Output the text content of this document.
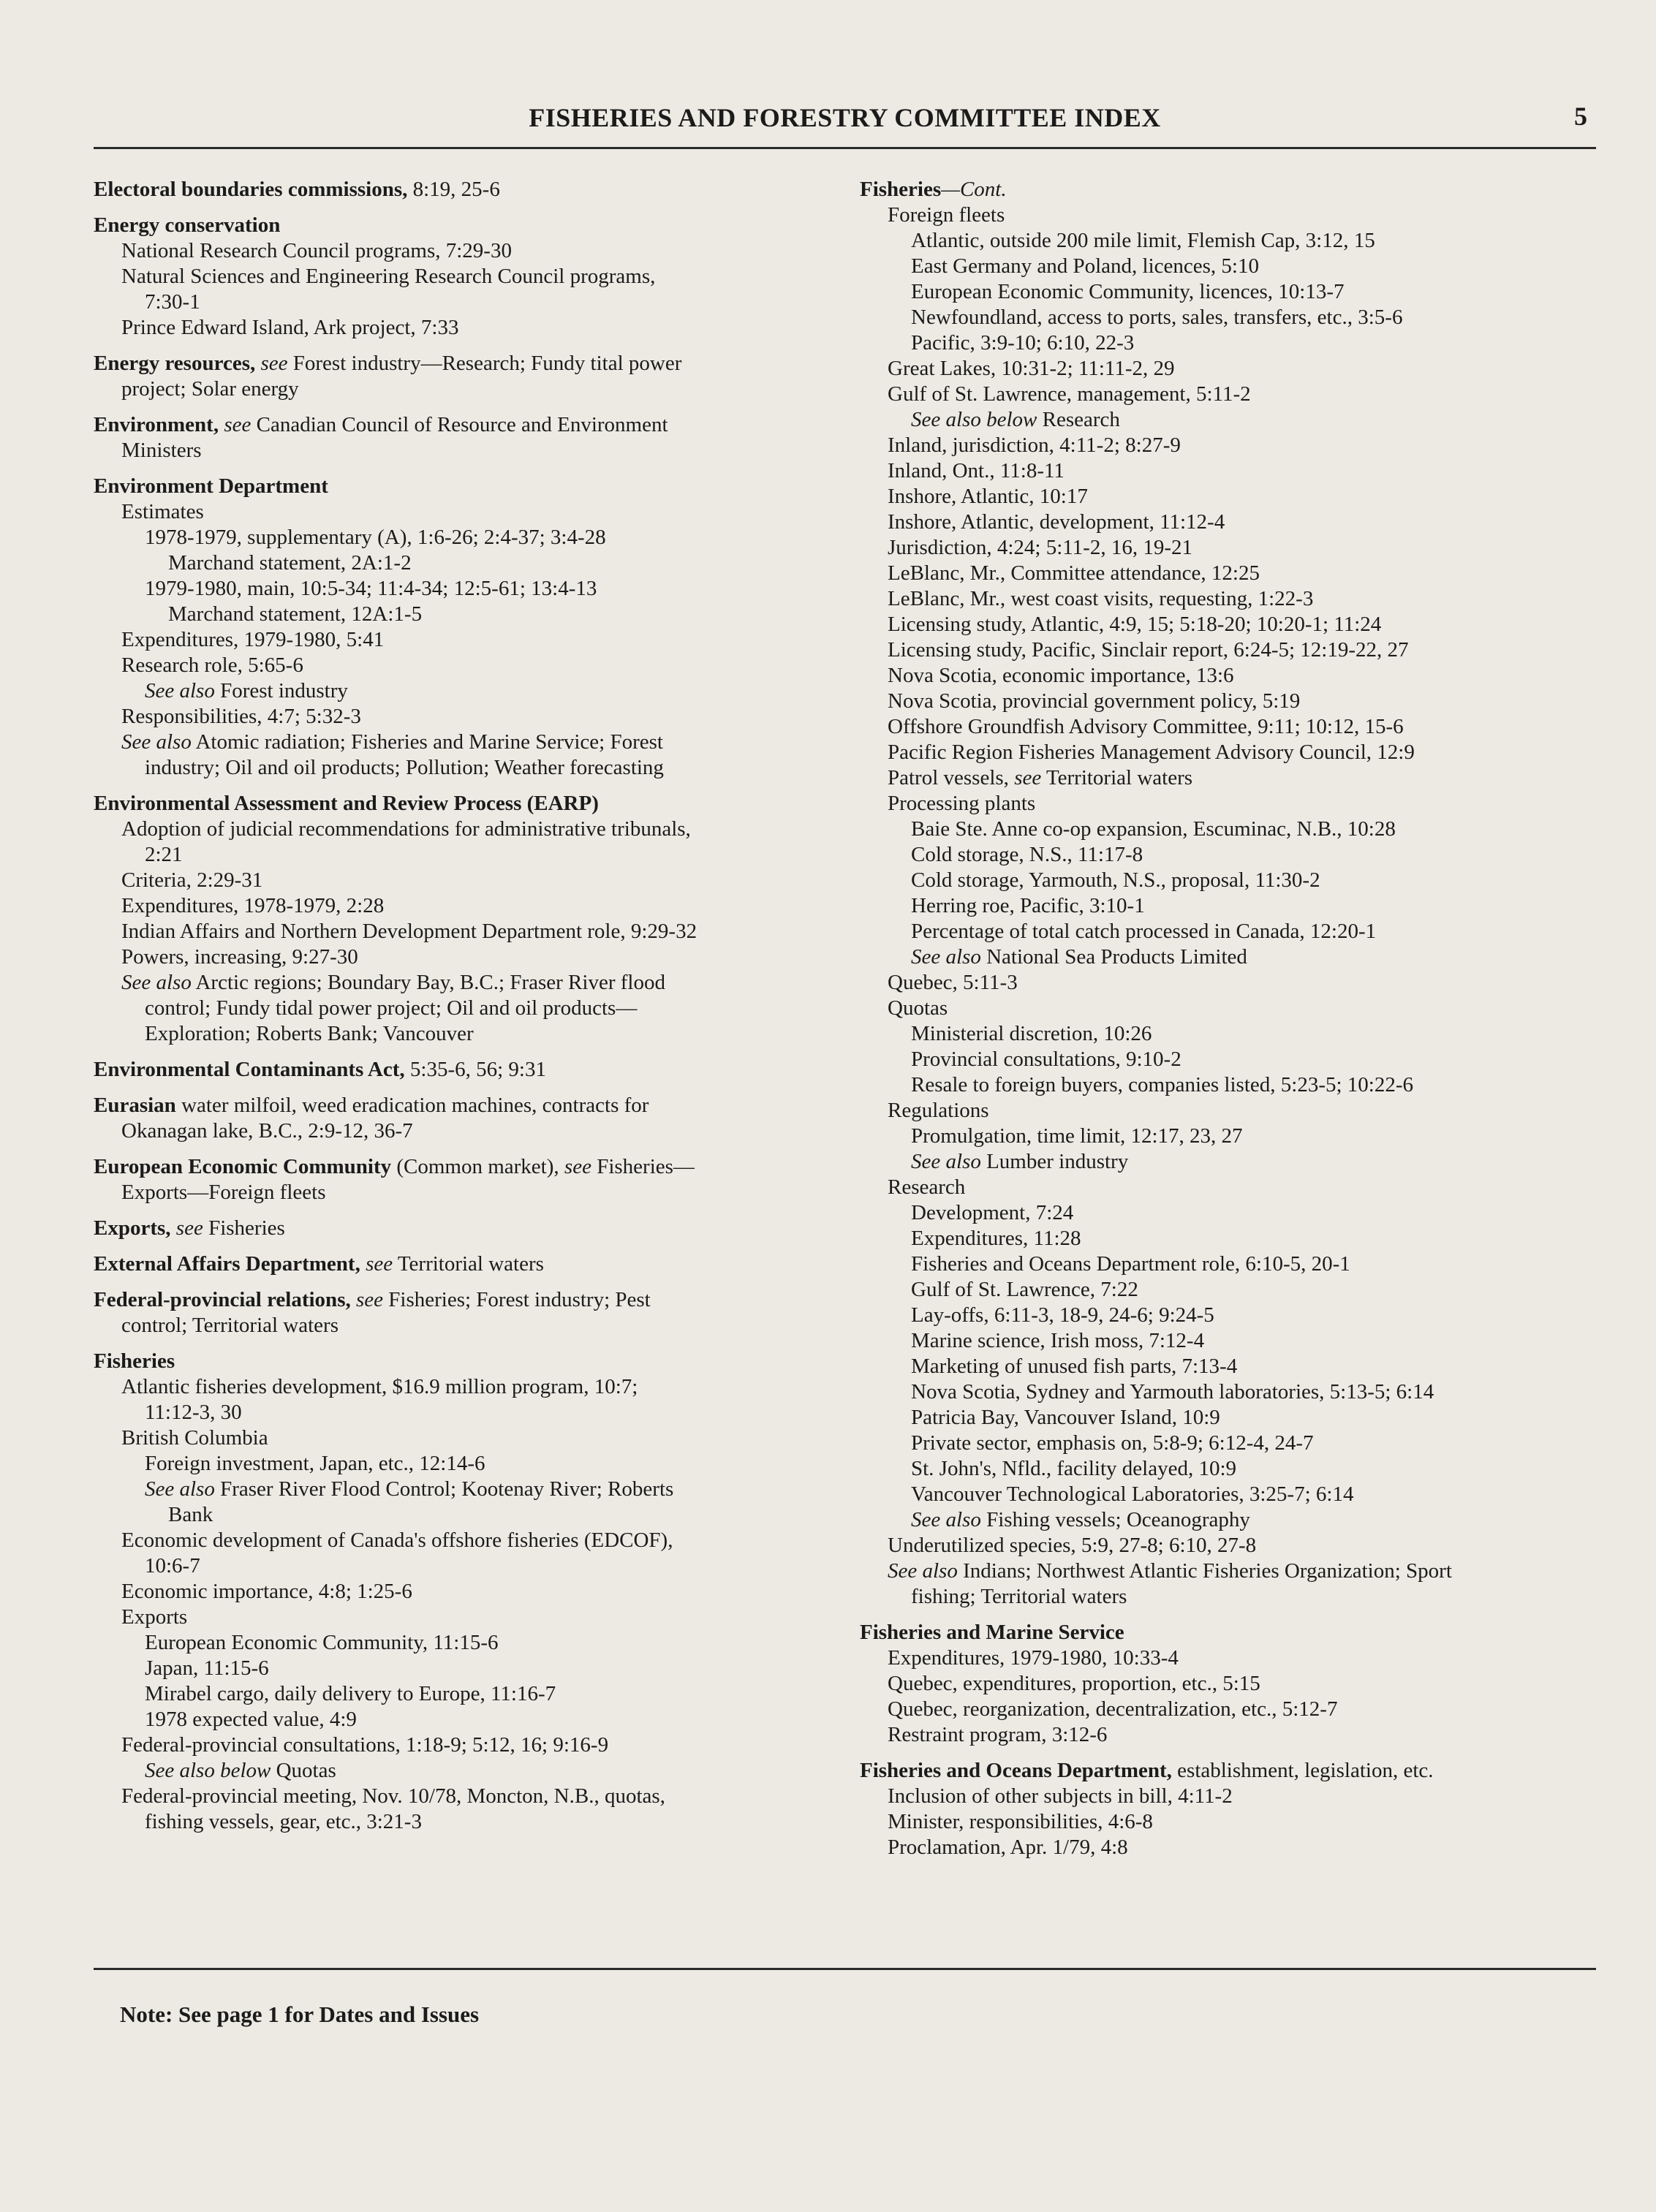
FISHERIES AND FORESTRY COMMITTEE INDEX	5
Electoral boundaries commissions, 8:19, 25-6
Energy conservation
National Research Council programs, 7:29-30
Natural Sciences and Engineering Research Council programs,
7:30-1
Prince Edward Island, Ark project, 7:33
Energy resources, see Forest industry—Research; Fundy tital power
project; Solar energy
Environment, see Canadian Council of Resource and Environment
Ministers
Environment Department
Estimates
1978-1979, supplementary (A), 1:6-26; 2:4-37; 3:4-28
Marchand statement, 2A:1-2
1979-1980, main, 10:5-34; 11:4-34; 12:5-61; 13:4-13
Marchand statement, 12A:1-5
Expenditures, 1979-1980, 5:41
Research role, 5:65-6
See also Forest industry
Responsibilities, 4:7; 5:32-3
See also Atomic radiation; Fisheries and Marine Service; Forest
industry; Oil and oil products; Pollution; Weather forecasting
Environmental Assessment and Review Process (EARP)
Adoption of judicial recommendations for administrative tribunals,
2:21
Criteria, 2:29-31
Expenditures, 1978-1979, 2:28
Indian Affairs and Northern Development Department role, 9:29-32
Powers, increasing, 9:27-30
See also Arctic regions; Boundary Bay, B.C.; Fraser River flood
control; Fundy tidal power project; Oil and oil products—
Exploration; Roberts Bank; Vancouver
Environmental Contaminants Act, 5:35-6, 56; 9:31
Eurasian water milfoil, weed eradication machines, contracts for
Okanagan lake, B.C., 2:9-12, 36-7
European Economic Community (Common market), see Fisheries—
Exports—Foreign fleets
Exports, see Fisheries
External Affairs Department, see Territorial waters
Federal-provincial relations, see Fisheries; Forest industry; Pest
control; Territorial waters
Fisheries
Atlantic fisheries development, $16.9 million program, 10:7;
11:12-3, 30
British Columbia
Foreign investment, Japan, etc., 12:14-6
See also Fraser River Flood Control; Kootenay River; Roberts
Bank
Economic development of Canada's offshore fisheries (EDCOF),
10:6-7
Economic importance, 4:8; 1:25-6
Exports
European Economic Community, 11:15-6
Japan, 11:15-6
Mirabel cargo, daily delivery to Europe, 11:16-7
1978 expected value, 4:9
Federal-provincial consultations, 1:18-9; 5:12, 16; 9:16-9
See also below Quotas
Federal-provincial meeting, Nov. 10/78, Moncton, N.B., quotas,
fishing vessels, gear, etc., 3:21-3
Fisheries—Cont.
Foreign fleets
Atlantic, outside 200 mile limit, Flemish Cap, 3:12, 15
East Germany and Poland, licences, 5:10
European Economic Community, licences, 10:13-7
Newfoundland, access to ports, sales, transfers, etc., 3:5-6
Pacific, 3:9-10; 6:10, 22-3
Great Lakes, 10:31-2; 11:11-2, 29
Gulf of St. Lawrence, management, 5:11-2
See also below Research
Inland, jurisdiction, 4:11-2; 8:27-9
Inland, Ont., 11:8-11
Inshore, Atlantic, 10:17
Inshore, Atlantic, development, 11:12-4
Jurisdiction, 4:24; 5:11-2, 16, 19-21
LeBlanc, Mr., Committee attendance, 12:25
LeBlanc, Mr., west coast visits, requesting, 1:22-3
Licensing study, Atlantic, 4:9, 15; 5:18-20; 10:20-1; 11:24
Licensing study, Pacific, Sinclair report, 6:24-5; 12:19-22, 27
Nova Scotia, economic importance, 13:6
Nova Scotia, provincial government policy, 5:19
Offshore Groundfish Advisory Committee, 9:11; 10:12, 15-6
Pacific Region Fisheries Management Advisory Council, 12:9
Patrol vessels, see Territorial waters
Processing plants
Baie Ste. Anne co-op expansion, Escuminac, N.B., 10:28
Cold storage, N.S., 11:17-8
Cold storage, Yarmouth, N.S., proposal, 11:30-2
Herring roe, Pacific, 3:10-1
Percentage of total catch processed in Canada, 12:20-1
See also National Sea Products Limited
Quebec, 5:11-3
Quotas
Ministerial discretion, 10:26
Provincial consultations, 9:10-2
Resale to foreign buyers, companies listed, 5:23-5; 10:22-6
Regulations
Promulgation, time limit, 12:17, 23, 27
See also Lumber industry
Research
Development, 7:24
Expenditures, 11:28
Fisheries and Oceans Department role, 6:10-5, 20-1
Gulf of St. Lawrence, 7:22
Lay-offs, 6:11-3, 18-9, 24-6; 9:24-5
Marine science, Irish moss, 7:12-4
Marketing of unused fish parts, 7:13-4
Nova Scotia, Sydney and Yarmouth laboratories, 5:13-5; 6:14
Patricia Bay, Vancouver Island, 10:9
Private sector, emphasis on, 5:8-9; 6:12-4, 24-7
St. John's, Nfld., facility delayed, 10:9
Vancouver Technological Laboratories, 3:25-7; 6:14
See also Fishing vessels; Oceanography
Underutilized species, 5:9, 27-8; 6:10, 27-8
See also Indians; Northwest Atlantic Fisheries Organization; Sport
fishing; Territorial waters
Fisheries and Marine Service
Expenditures, 1979-1980, 10:33-4
Quebec, expenditures, proportion, etc., 5:15
Quebec, reorganization, decentralization, etc., 5:12-7
Restraint program, 3:12-6
Fisheries and Oceans Department, establishment, legislation, etc.
Inclusion of other subjects in bill, 4:11-2
Minister, responsibilities, 4:6-8
Proclamation, Apr. 1/79, 4:8
Note: See page 1 for Dates and Issues
